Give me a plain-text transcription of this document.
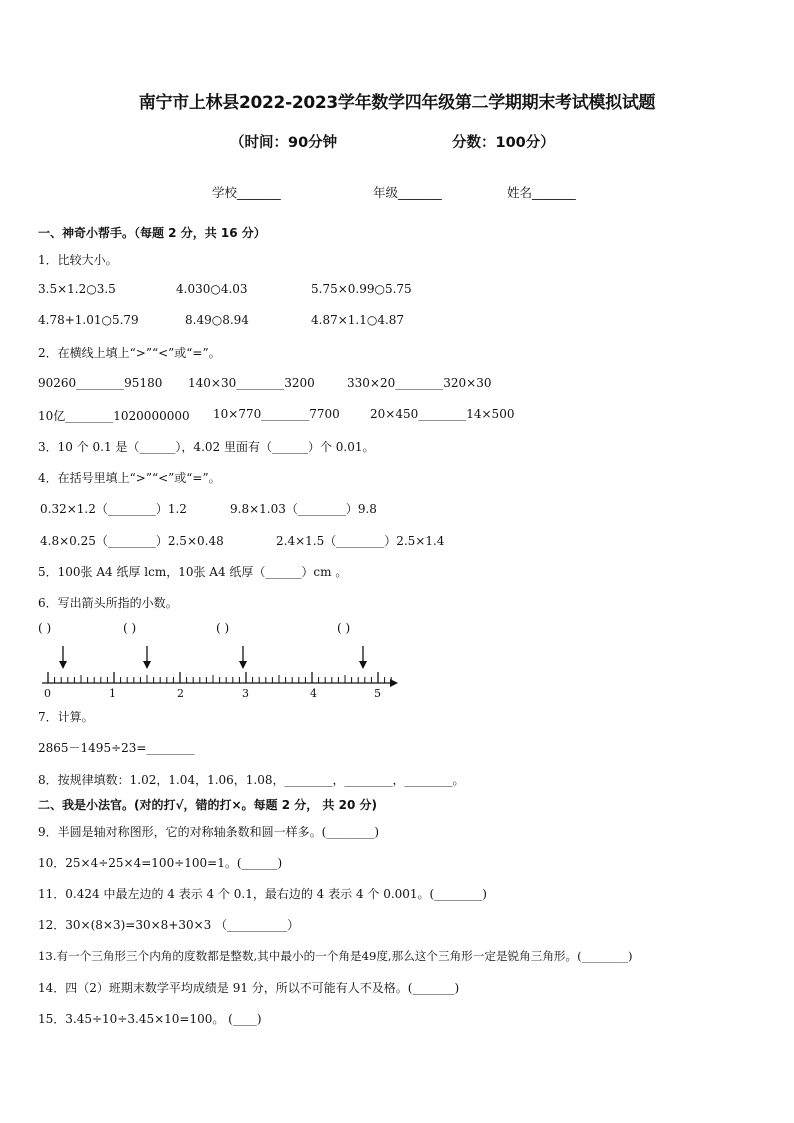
南宁市上林县2022-2023学年数学四年级第二学期期末考试模拟试题
（时间：90分钟	分数：100分）
学校_______	年级_______	姓名_______
一、神奇小帮手。（每题 2 分，共 16 分）
1．比较大小。
3.5×1.2○3.5	4.030○4.03	5.75×0.99○5.75
4.78+1.01○5.79	8.49○8.94	4.87×1.1○4.87
2．在横线上填上“>”“<”或“=”。
90260________95180 140×30________3200	330×20________320×30
10亿________1020000000 10×770________7700	20×450________14×500
3．10 个 0.1 是（______），4.02 里面有（______）个 0.01。
4．在括号里填上“>”“<”或“=”。
0.32×1.2（________）1.2	9.8×1.03（________）9.8
4.8×0.25（________）2.5×0.48	2.4×1.5（________）2.5×1.4
5．100张 A4 纸厚 lcm，10张 A4 纸厚（______）cm 。
6．写出箭头所指的小数。
( )	( )	( )	( )
0	1	2	3	4	5
7．计算。
2865－1495÷23=________
8．按规律填数：1.02，1.04，1.06，1.08，________，________，________。
二、我是小法官。(对的打√，错的打×。每题 2 分， 共 20 分)
9．半圆是轴对称图形，它的对称轴条数和圆一样多。(________)
10．25×4÷25×4=100÷100=1。(______)
11．0.424 中最左边的 4 表示 4 个 0.1，最右边的 4 表示 4 个 0.001。(________)
12．30×(8×3)=30×8+30×3 （__________）
13.有一个三角形三个内角的度数都是整数,其中最小的一个角是49度,那么这个三角形一定是锐角三角形。(________)
14．四（2）班期末数学平均成绩是 91 分，所以不可能有人不及格。(_______)
15．3.45÷10÷3.45×10=100。 (____)
